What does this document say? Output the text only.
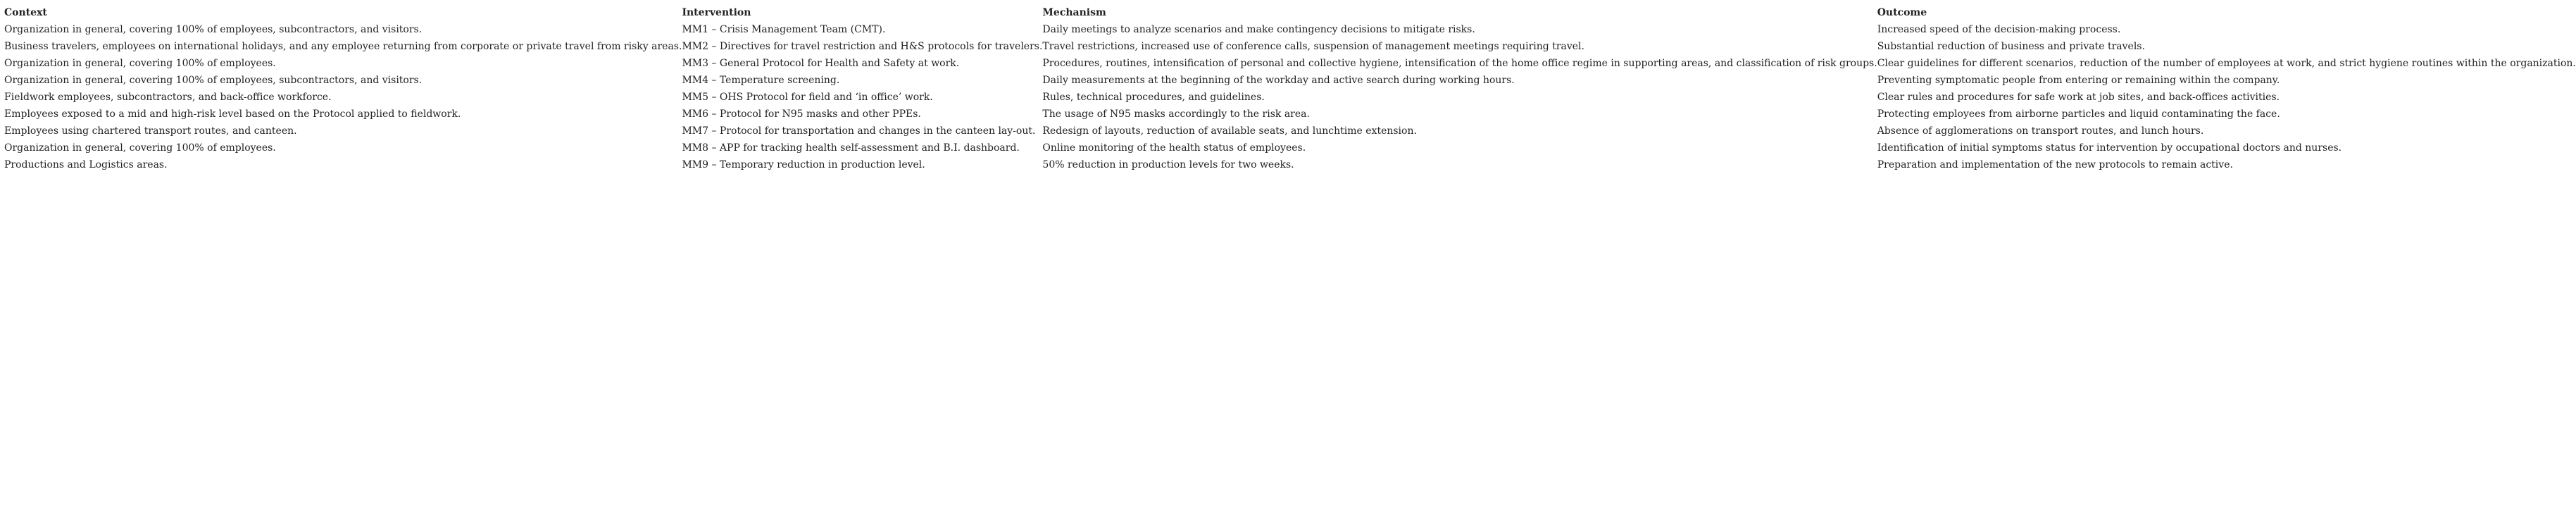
Context	Intervention	Mechanism	Outcome
Organization in general, covering 100% of employees, subcontractors, and visitors.	MM1 – Crisis Management Team (CMT).	Daily meetings to analyze scenarios and make contingency decisions to mitigate risks.	Increased speed of the decision-making process.
Business travelers, employees on international holidays, and any employee returning from corporate or private travel from risky areas.	MM2 – Directives for travel restriction and H&S protocols for travelers.	Travel restrictions, increased use of conference calls, suspension of management meetings requiring travel.	Substantial reduction of business and private travels.
Organization in general, covering 100% of employees.	MM3 – General Protocol for Health and Safety at work.	Procedures, routines, intensification of personal and collective hygiene, intensification of the home office regime in supporting areas, and classification of risk groups.	Clear guidelines for different scenarios, reduction of the number of employees at work, and strict hygiene routines within the organization.
Organization in general, covering 100% of employees, subcontractors, and visitors.	MM4 – Temperature screening.	Daily measurements at the beginning of the workday and active search during working hours.	Preventing symptomatic people from entering or remaining within the company.
Fieldwork employees, subcontractors, and back-office workforce.	MM5 – OHS Protocol for field and ‘in office’ work.	Rules, technical procedures, and guidelines.	Clear rules and procedures for safe work at job sites, and back-offices activities.
Employees exposed to a mid and high-risk level based on the Protocol applied to fieldwork.	MM6 – Protocol for N95 masks and other PPEs.	The usage of N95 masks accordingly to the risk area.	Protecting employees from airborne particles and liquid contaminating the face.
Employees using chartered transport routes, and canteen.	MM7 – Protocol for transportation and changes in the canteen lay-out.	Redesign of layouts, reduction of available seats, and lunchtime extension.	Absence of agglomerations on transport routes, and lunch hours.
Organization in general, covering 100% of employees.	MM8 – APP for tracking health self-assessment and B.I. dashboard.	Online monitoring of the health status of employees.	Identification of initial symptoms status for intervention by occupational doctors and nurses.
Productions and Logistics areas.	MM9 – Temporary reduction in production level.	50% reduction in production levels for two weeks.	Preparation and implementation of the new protocols to remain active.
